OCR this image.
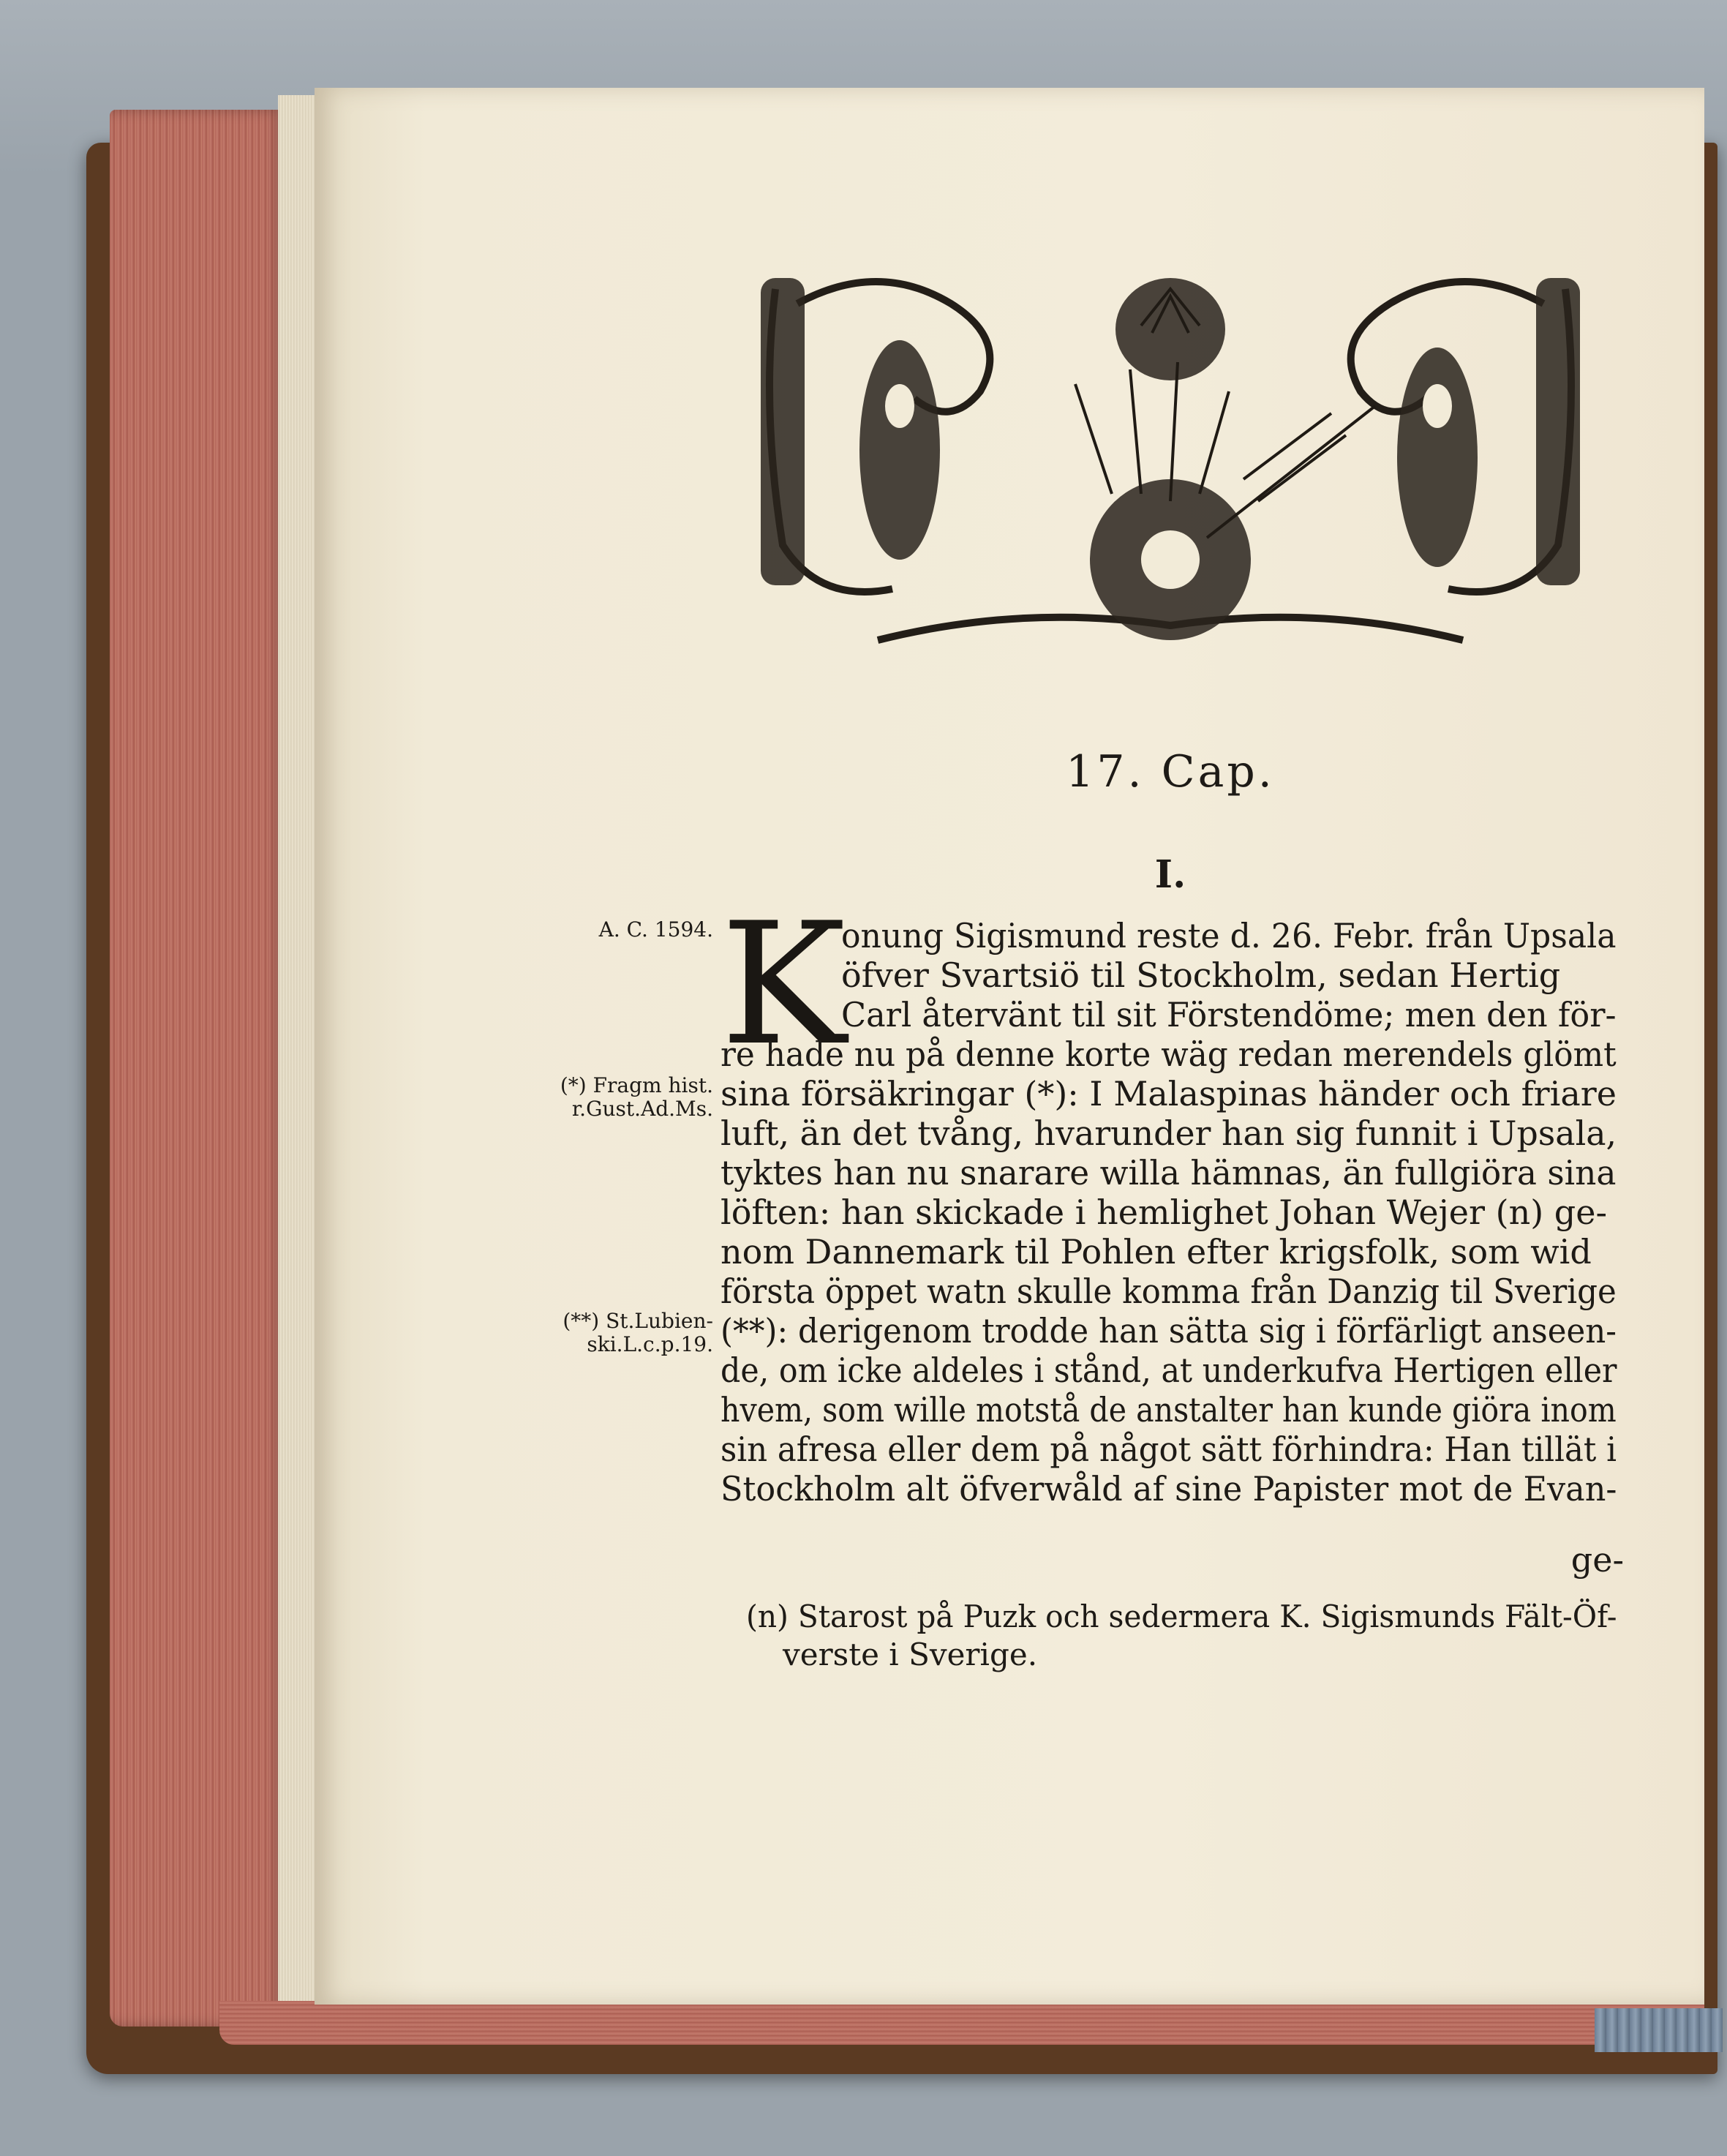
17. Cap.
I.
A. C. 1594.
(*) Fragm hist. r.Gust.Ad.Ms.
(**) St.Lubien- ski.L.c.p.19.
K
onung Sigismund reste d. 26. Febr. från Upsala
öfver Svartsiö til Stockholm, sedan Hertig
Carl återvänt til sit Förstendöme; men den för-
re hade nu på denne korte wäg redan merendels glömt
sina försäkringar (*): I Malaspinas händer och friare
luft, än det tvång, hvarunder han sig funnit i Upsala,
tyktes han nu snarare willa hämnas, än fullgiöra sina
löften: han skickade i hemlighet Johan Wejer (n) ge-
nom Dannemark til Pohlen efter krigsfolk, som wid
första öppet watn skulle komma från Danzig til Sverige
(**): derigenom trodde han sätta sig i förfärligt anseen-
de, om icke aldeles i stånd, at underkufva Hertigen eller
hvem, som wille motstå de anstalter han kunde giöra inom
sin afresa eller dem på något sätt förhindra: Han tillät i
Stockholm alt öfverwåld af sine Papister mot de Evan-
ge-
(n) Starost på Puzk och sedermera K. Sigismunds Fält-Öf-
verste i Sverige.
